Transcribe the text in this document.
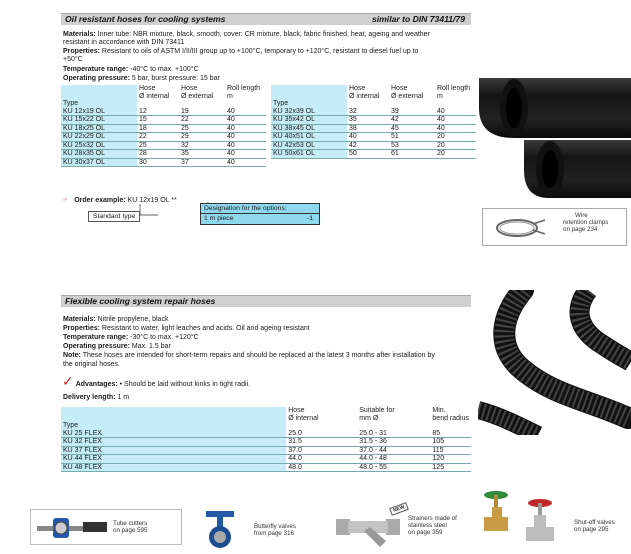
Oil resistant hoses for cooling systems	similar to DIN 73411/79
Materials: Inner tube: NBR mixture, black, smooth, cover: CR mixture, black, fabric finished, heat, ageing and weather
resistant in accordance with DIN 73411
Properties: Resistant to oils of ASTM I/II/III group up to +100°C, temporary to +120°C, resistant to diesel fuel up to
+50°C
Temperature range: -40°C to max. +100°C
Operating pressure: 5 bar, burst pressure: 15 bar
	Hose	Hose	Roll length
	Ø internal	Ø external	m
Type			
KU 12x19 OL	12	19	40
KU 15x22 OL	15	22	40
KU 18x25 OL	18	25	40
KU 22x29 OL	22	29	40
KU 25x32 OL	25	32	40
KU 28x35 OL	28	35	40
KU 30x37 OL	30	37	40
	Hose	Hose	Roll length
	Ø internal	Ø external	m
Type			
KU 32x39 OL	32	39	40
KU 35x42 OL	35	42	40
KU 38x45 OL	38	45	40
KU 40x51 OL	40	51	20
KU 42x53 OL	42	53	20
KU 50x61 OL	50	61	20
☞ Order example: KU 12x19 OL **
Standard type
Designation for the options:
1 m piece	-1	Wire
retention clamps
on page 234
Flexible cooling system repair hoses
Materials: Nitrile propylene, black
Properties: Resistant to water, light leaches and acids. Oil and ageing resistant
Temperature range: -30°C to max. +120°C
Operating pressure: Max. 1.5 bar
Note: These hoses are intended for short-term repairs and should be replaced at the latest 3 months after installation by
the original hoses.
✓ Advantages: • Should be laid without kinks in tight radii.
Delivery length: 1 m
	Hose	Suitable for	Min.
	Ø internal	mm Ø	bend radius
Type			
KU 25 FLEX	25.0	25.0 - 31	85
KU 32 FLEX	31.5	31.5 - 36	105
KU 37 FLEX	37.0	37.0 - 44	115
KU 44 FLEX	44.0	44.0 - 48	120
KU 48 FLEX	48.0	48.0 - 55	125
Tube cutters
on page 595
Butterfly valves
from page 316
NEW
Strainers made of
stainless steel
on page 359
Shut-off valves
on page 295
